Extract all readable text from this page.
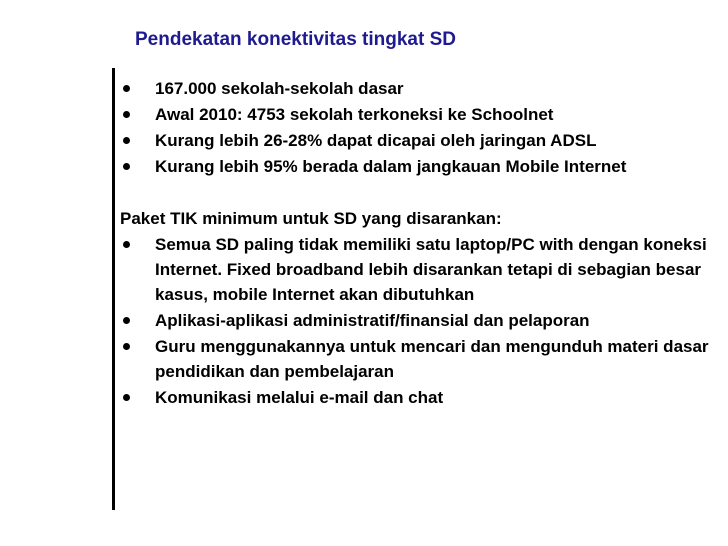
Pendekatan konektivitas tingkat SD
167.000 sekolah-sekolah dasar
Awal 2010: 4753 sekolah terkoneksi ke Schoolnet
Kurang lebih 26-28% dapat dicapai oleh jaringan ADSL
Kurang lebih 95% berada dalam jangkauan Mobile Internet
Paket TIK minimum untuk SD yang disarankan:
Semua SD paling tidak memiliki satu laptop/PC with dengan koneksi Internet. Fixed broadband lebih disarankan tetapi di sebagian besar kasus, mobile Internet akan dibutuhkan
Aplikasi-aplikasi administratif/finansial dan pelaporan
Guru menggunakannya untuk mencari dan mengunduh materi dasar pendidikan dan pembelajaran
Komunikasi melalui e-mail dan chat
